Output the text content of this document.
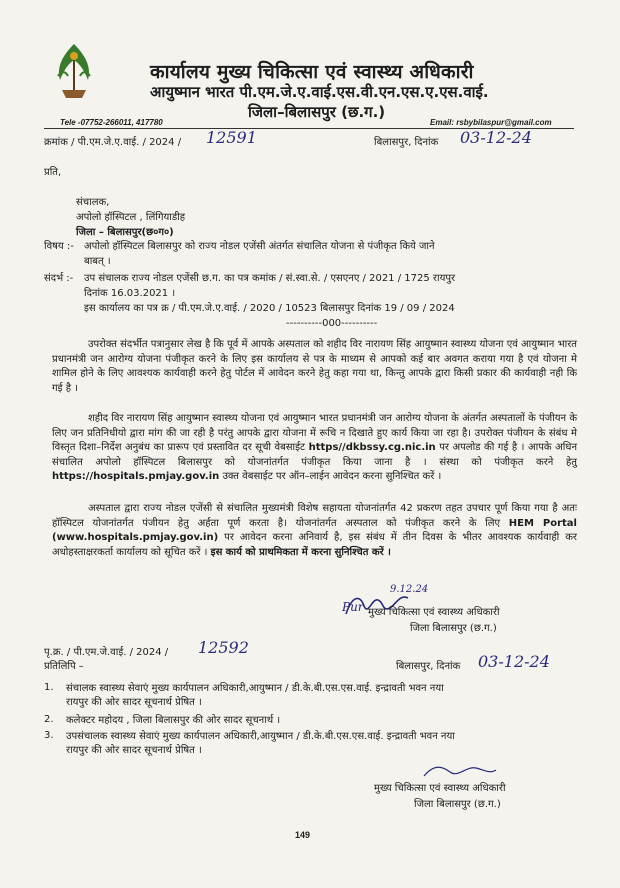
कार्यालय मुख्य चिकित्सा एवं स्वास्थ्य अधिकारी
आयुष्मान भारत पी.एम.जे.ए.वाई.एस.वी.एन.एस.ए.एस.वाई.
जिला–बिलासपुर (छ.ग.)
Tele -07752-266011, 417780	Email: rsbybilaspur@gmail.com
क्रमांक / पी.एम.जे.ए.वाई. / 2024 / 12591	बिलासपुर, दिनांक 03-12-24
प्रति,
संचालक,
अपोलो हॉस्पिटल , लिंगियाडीह
जिला – बिलासपुर(छ०ग०)
विषय :- अपोलो हॉस्पिटल बिलासपुर को राज्य नोडल एजेंसी अंतर्गत संचालित योजना से पंजीकृत किये जाने
बाबत् ।
संदर्भ :- उप संचालक राज्य नोडल एजेंसी छ.ग. का पत्र कमांक / सं.स्वा.से. / एसएनए / 2021 / 1725 रायपुर
दिनांक 16.03.2021 ।
इस कार्यालय का पत्र क्र / पी.एम.जे.ए.वाई. / 2020 / 10523 बिलासपुर दिनांक 19 / 09 / 2024
----------000----------

उपरोक्त संदर्भीत पत्रानुसार लेख है कि पूर्व में आपके अस्पताल को शहीद विर नारायण सिंह आयुष्मान स्वास्थ्य योजना एवं आयुष्मान भारत प्रधानमंत्री जन आरोग्य योजना पंजीकृत करने के लिए इस कार्यालय से पत्र के माध्यम से आपको कई बार अवगत कराया गया है एवं योजना मे शामिल होने के लिए आवश्यक कार्यवाही करने हेतु पोर्टल में आवेदन करने हेतु कहा गया था, किन्तु आपके द्वारा किसी प्रकार की कार्यवाही नही कि गई है ।

शहीद विर नारायण सिंह आयुष्मान स्वास्थ्य योजना एवं आयुष्मान भारत प्रधानमंत्री जन आरोग्य योजना के अंतर्गत अस्पतालों के पंजीयन के लिए जन प्रतिनिधीयो द्वारा मांग की जा रही है परंतु आपके द्वारा योजना में रूचि न दिखाते हुए कार्य किया जा रहा है। उपरोक्त पंजीयन के संबंध मे विस्तृत दिशा–निर्देश अनुबंध का प्रारूप एवं प्रस्तावित दर सूची वेबसाईट https//dkbssy.cg.nic.in पर अपलोड की गई है । आपके अधिन संचालित अपोलो हॉस्पिटल बिलासपुर को योजनांतर्गत पंजीकृत किया जाना है । संस्था को पंजीकृत करने हेतु https://hospitals.pmjay.gov.in उक्त वेबसाईट पर ऑन–लाईन आवेदन करना सुनिश्चित करें ।

अस्पताल द्वारा राज्य नोडल एजेंसी से संचालित मुख्यमंत्री विशेष सहायता योजनांतर्गत 42 प्रकरण तहत उपचार पूर्ण किया गया है अतः हॉस्पिटल योजनांतर्गत पंजीयन हेतु अर्हता पूर्ण करता है। योजनांतर्गत अस्पताल को पंजीकृत करने के लिए HEM Portal (www.hospitals.pmjay.gov.in) पर आवेदन करना अनिवार्य है, इस संबंध में तीन दिवस के भीतर आवश्यक कार्यवाही कर अधोहस्ताक्षरकर्ता कार्यालय को सूचित करें । इस कार्य को प्राथमिकता में करना सुनिश्चित करें ।

9.12.24
Pur मुख्य चिकित्सा एवं स्वास्थ्य अधिकारी
जिला बिलासपुर (छ.ग.)
पृ.क्र. / पी.एम.जे.वाई. / 2024 / 12592
प्रतिलिपि –	बिलासपुर, दिनांक 03-12-24
1. संचालक स्वास्थ्य सेवाएं मुख्य कार्यपालन अधिकारी,आयुष्मान / डी.के.बी.एस.एस.वाई. इन्द्रावती भवन नया
रायपुर की ओर सादर सूचनार्थ प्रेषित ।
2. कलेक्टर महोदय , जिला बिलासपुर की ओर सादर सूचनार्थ ।
3. उपसंचालक स्वास्थ्य सेवाएं मुख्य कार्यपालन अधिकारी,आयुष्मान / डी.के.बी.एस.एस.वाई. इन्द्रावती भवन नया
रायपुर की ओर सादर सूचनार्थ प्रेषित ।
मुख्य चिकित्सा एवं स्वास्थ्य अधिकारी
जिला बिलासपुर (छ.ग.)
149
